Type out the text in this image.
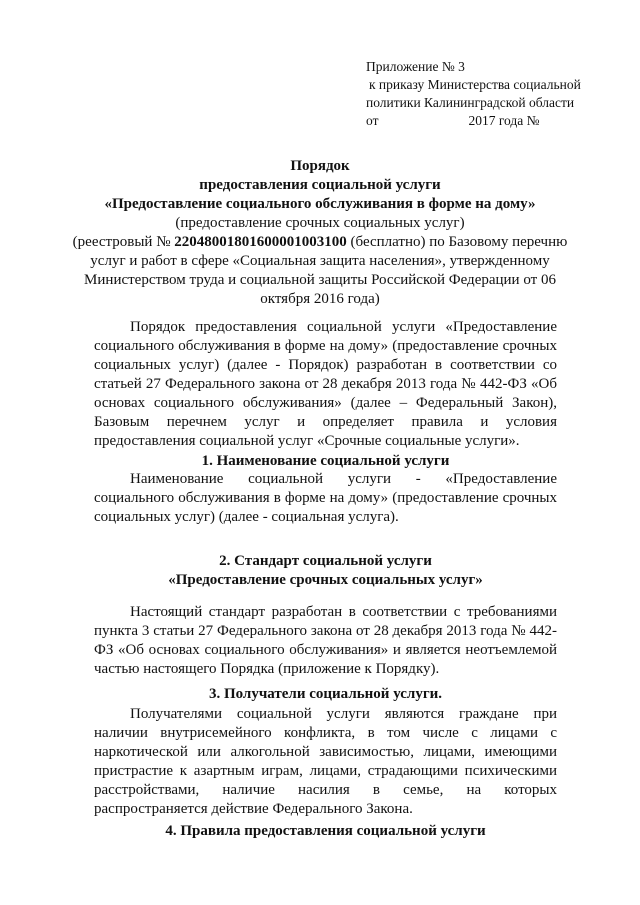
Приложение № 3
к приказу Министерства социальной
политики Калининградской области
от	2017 года №
Порядок
предоставления социальной услуги
«Предоставление социального обслуживания в форме на дому»
(предоставление срочных социальных услуг)
(реестровый № 22048001801600001003100 (бесплатно) по Базовому перечню услуг и работ в сфере «Социальная защита населения», утвержденному Министерством труда и социальной защиты Российской Федерации от 06 октября 2016 года)
Порядок предоставления социальной услуги «Предоставление социального обслуживания в форме на дому» (предоставление срочных социальных услуг) (далее - Порядок) разработан в соответствии со статьей 27 Федерального закона от 28 декабря 2013 года № 442-ФЗ «Об основах социального обслуживания» (далее – Федеральный Закон), Базовым перечнем услуг и определяет правила и условия предоставления социальной услуг «Срочные социальные услуги».
1. Наименование социальной услуги
Наименование социальной услуги - «Предоставление социального обслуживания в форме на дому» (предоставление срочных социальных услуг) (далее - социальная услуга).
2. Стандарт социальной услуги
«Предоставление срочных социальных услуг»
Настоящий стандарт разработан в соответствии с требованиями пункта 3 статьи 27 Федерального закона от 28 декабря 2013 года № 442-ФЗ «Об основах социального обслуживания» и является неотъемлемой частью настоящего Порядка (приложение к Порядку).
3. Получатели социальной услуги.
Получателями социальной услуги являются граждане при наличии внутрисемейного конфликта, в том числе с лицами с наркотической или алкогольной зависимостью, лицами, имеющими пристрастие к азартным играм, лицами, страдающими психическими расстройствами, наличие насилия в семье, на которых распространяется действие Федерального Закона.
4. Правила предоставления социальной услуги
